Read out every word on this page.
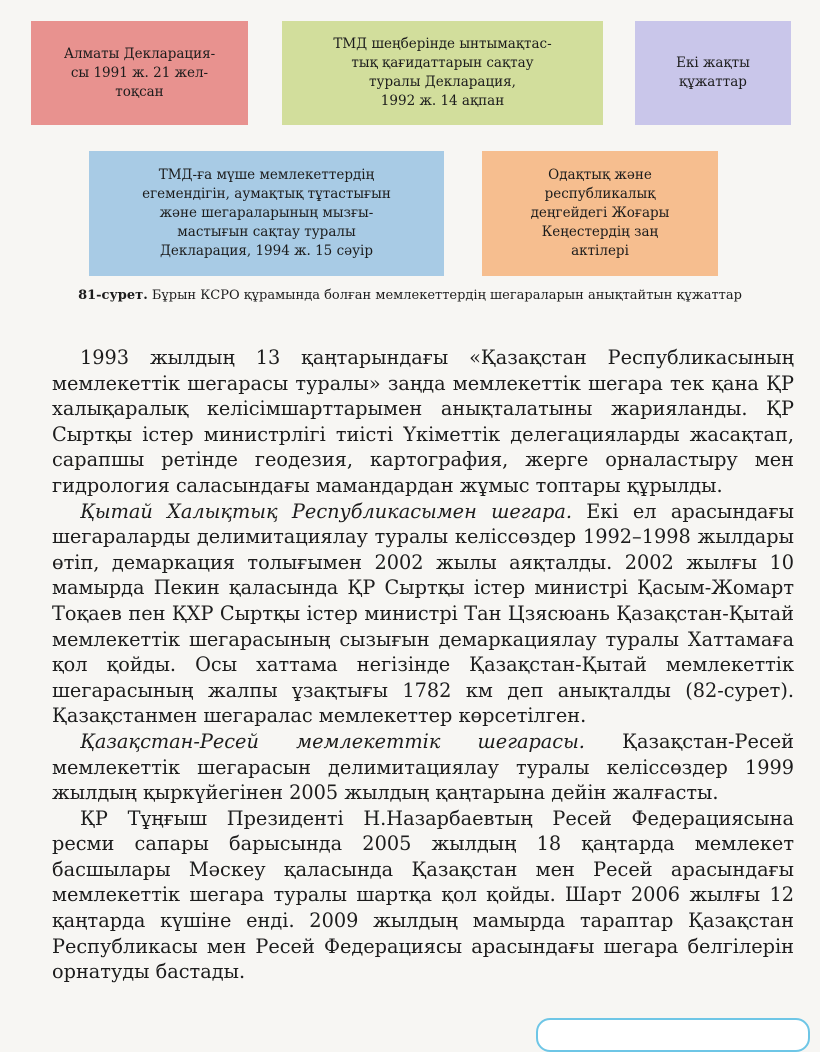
Алматы Декларация-
сы 1991 ж. 21 жел-
тоқсан
ТМД шеңберінде ынтымақтас-
тық қағидаттарын сақтау
туралы Декларация,
1992 ж. 14 ақпан
Екі жақты
құжаттар
ТМД-ға мүше мемлекеттердің
егемендігін, аумақтық тұтастығын
және шегараларының мызғы-
мастығын сақтау туралы
Декларация, 1994 ж. 15 сәуір
Одақтық және
республикалық
деңгейдегі Жоғары
Кеңестердің заң
актілері
81-сурет. Бұрын КСРО құрамында болған мемлекеттердің шегараларын анықтайтын құжаттар

1993 жылдың 13 қаңтарындағы «Қазақстан Республикасының мемлекеттік шегарасы туралы» заңда мемлекеттік шегара тек қана ҚР халықаралық келісімшарттарымен анықталатыны жарияланды. ҚР Сыртқы істер министрлігі тиісті Үкіметтік делегацияларды жасақтап, сарапшы ретінде геодезия, картография, жерге орналастыру мен гидрология саласындағы мамандардан жұмыс топтары құрылды.

Қытай Халықтық Республикасымен шегара. Екі ел арасындағы шегараларды делимитациялау туралы келіссөздер 1992–1998 жылдары өтіп, демаркация толығымен 2002 жылы аяқталды. 2002 жылғы 10 мамырда Пекин қаласында ҚР Сыртқы істер министрі Қасым-Жомарт Тоқаев пен ҚХР Сыртқы істер министрі Тан Цзясюань Қазақстан-Қытай мемлекеттік шегарасының сызығын демаркациялау туралы Хаттамаға қол қойды. Осы хаттама негізінде Қазақстан-Қытай мемлекеттік шегарасының жалпы ұзақтығы 1782 км деп анықталды (82-сурет). Қазақстанмен шегаралас мемлекеттер көрсетілген.

Қазақстан-Ресей мемлекеттік шегарасы. Қазақстан-Ресей мемлекеттік шегарасын делимитациялау туралы келіссөздер 1999 жылдың қыркүйегінен 2005 жылдың қаңтарына дейін жалғасты.

ҚР Тұңғыш Президенті Н.Назарбаевтың Ресей Федерациясына ресми сапары барысында 2005 жылдың 18 қаңтарда мемлекет басшылары Мәскеу қаласында Қазақстан мен Ресей арасындағы мемлекеттік шегара туралы шартқа қол қойды. Шарт 2006 жылғы 12 қаңтарда күшіне енді. 2009 жылдың мамырда тараптар Қазақстан Республикасы мен Ресей Федерациясы арасындағы шегара белгілерін орнатуды бастады.
